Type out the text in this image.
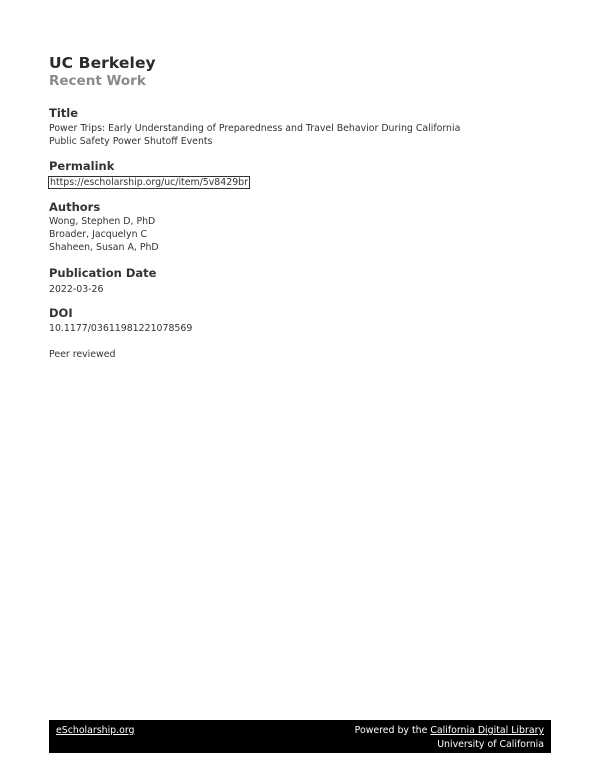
UC Berkeley
Recent Work
Title
Power Trips: Early Understanding of Preparedness and Travel Behavior During California
Public Safety Power Shutoff Events
Permalink
https://escholarship.org/uc/item/5v8429br
Authors
Wong, Stephen D, PhD
Broader, Jacquelyn C
Shaheen, Susan A, PhD
Publication Date
2022-03-26
DOI
10.1177/03611981221078569
Peer reviewed
eScholarship.org	Powered by the California Digital Library
University of California
